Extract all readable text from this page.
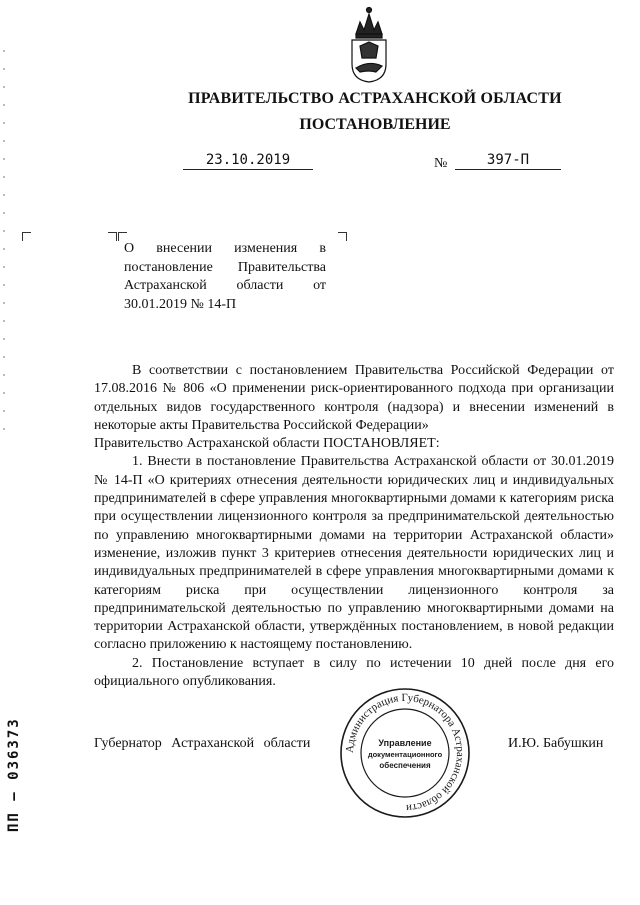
ПРАВИТЕЛЬСТВО АСТРАХАНСКОЙ ОБЛАСТИ
ПОСТАНОВЛЕНИЕ
23.10.2019	№	397-П
О внесении изменения в
постановление Правительства
Астраханской области от
30.01.2019 № 14-П

В соответствии с постановлением Правительства Российской Федерации от 17.08.2016 № 806 «О применении риск-ориентированного подхода при организации отдельных видов государственного контроля (надзора) и внесении изменений в некоторые акты Правительства Российской Федерации»

Правительство Астраханской области ПОСТАНОВЛЯЕТ:

1. Внести в постановление Правительства Астраханской области от 30.01.2019 № 14-П «О критериях отнесения деятельности юридических лиц и индивидуальных предпринимателей в сфере управления многоквартирными домами к категориям риска при осуществлении лицензионного контроля за предпринимательской деятельностью по управлению многоквартирными домами на территории Астраханской области» изменение, изложив пункт 3 критериев отнесения деятельности юридических лиц и индивидуальных предпринимателей в сфере управления многоквартирными домами к категориям риска при осуществлении лицензионного контроля за предпринимательской деятельностью по управлению многоквартирными домами на территории Астраханской области, утверждённых постановлением, в новой редакции согласно приложению к настоящему постановлению.

2. Постановление вступает в силу по истечении 10 дней после дня его официального опубликования.

Губернатор Астраханской области	И.Ю. Бабушкин
Администрация Губернатора Астраханской области
Управление
документационного
обеспечения
ПП — 036373
